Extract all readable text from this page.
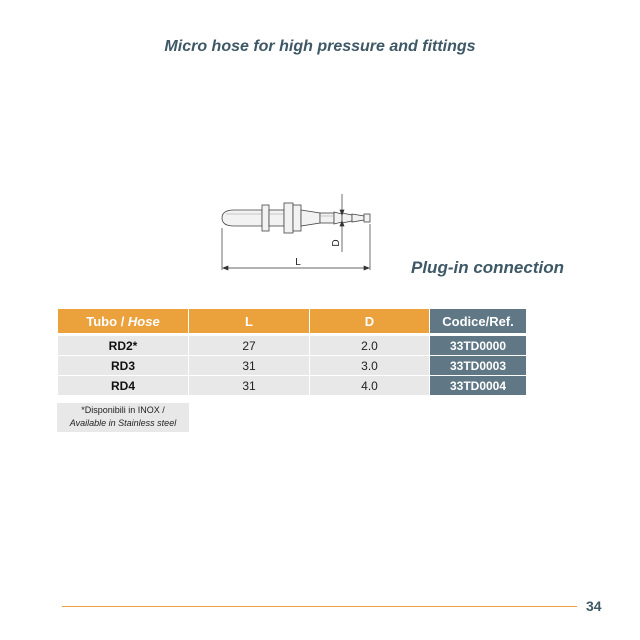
Micro hose for high pressure and fittings
L
D
Plug-in connection
Tubo / Hose	L	D	Codice/Ref.
RD2*	27	2.0	33TD0000
RD3	31	3.0	33TD0003
RD4	31	4.0	33TD0004
*Disponibili in INOX /
Available in Stainless steel
34
